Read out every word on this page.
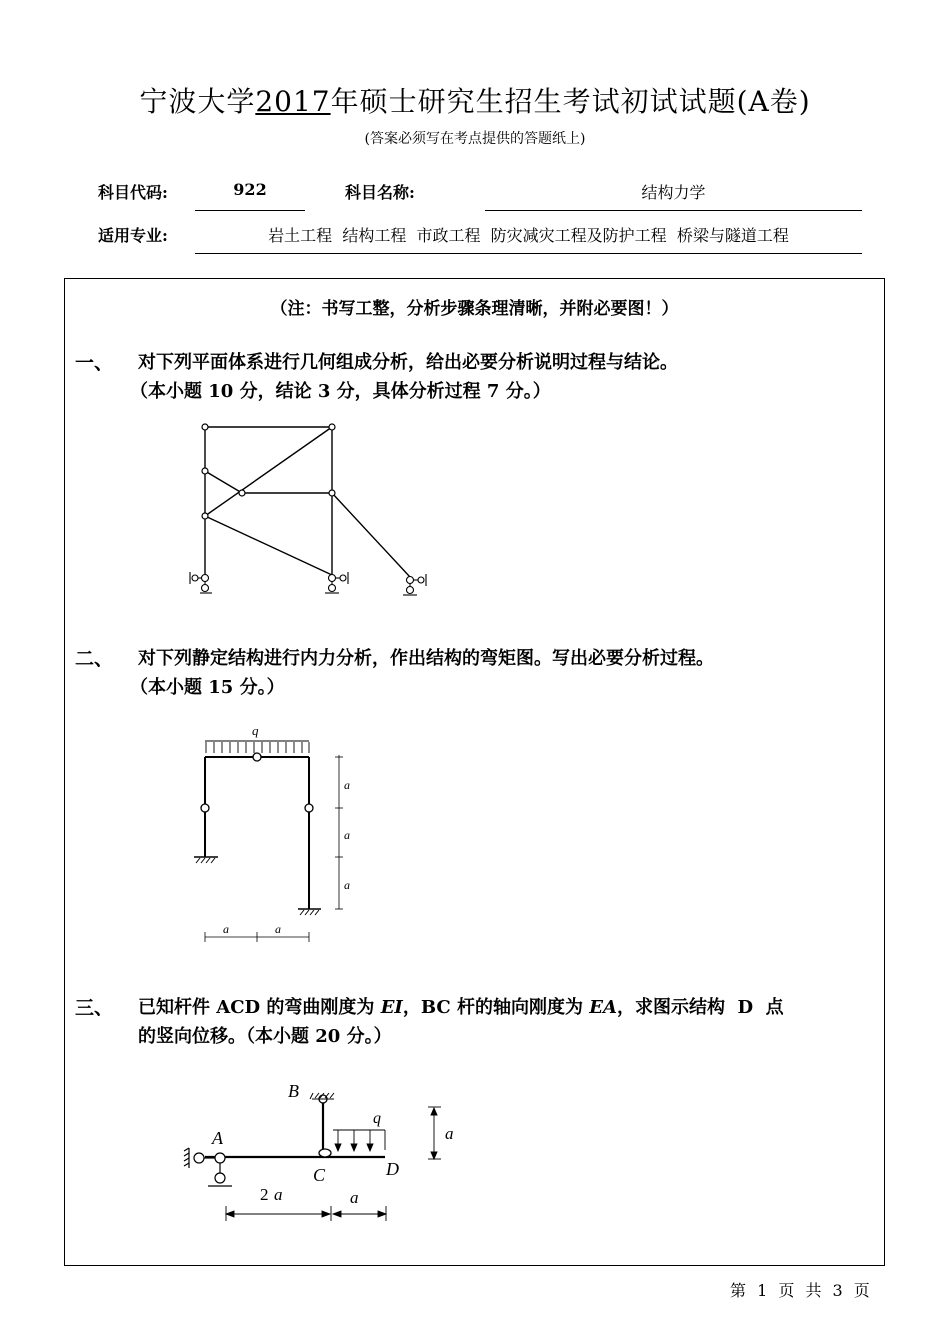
宁波大学2017年硕士研究生招生考试初试试题(A卷)
(答案必须写在考点提供的答题纸上)
科目代码:	922	科目名称:	结构力学
适用专业:	岩土工程  结构工程  市政工程  防灾减灾工程及防护工程  桥梁与隧道工程
（注：书写工整，分析步骤条理清晰，并附必要图！）
一、 对下列平面体系进行几何组成分析，给出必要分析说明过程与结论。
（本小题 10 分，结论 3 分，具体分析过程 7 分。）
二、 对下列静定结构进行内力分析，作出结构的弯矩图。写出必要分析过程。
（本小题 15 分。）
q
a
a
a
a	a
三、 已知杆件 ACD 的弯曲刚度为 EI，BC 杆的轴向刚度为 EA，求图示结构  D  点
的竖向位移。（本小题 20 分。）
q
B
A
C	D
a
2 a	a
第 1 页 共 3 页
